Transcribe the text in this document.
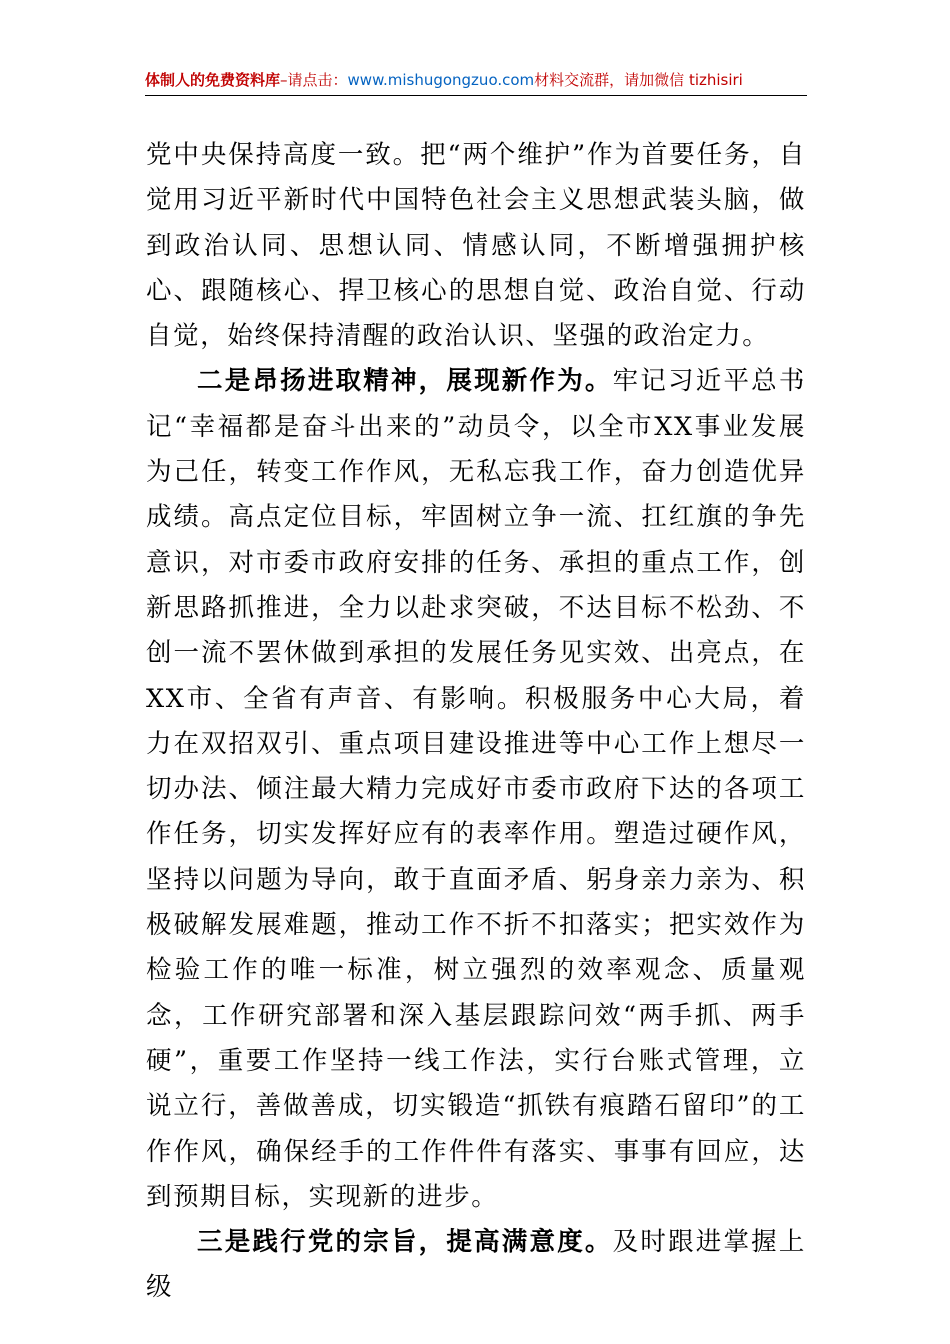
体制人的免费资料库 –请点击： www.mishugongzuo.com 材料交流群，请加微信 tizhisiri

党中央保持高度一致。把“两个维护”作为首要任务，自觉用习近平新时代中国特色社会主义思想武装头脑，做到政治认同、思想认同、情感认同，不断增强拥护核心、跟随核心、捍卫核心的思想自觉、政治自觉、行动自觉，始终保持清醒的政治认识、坚强的政治定力。

二是昂扬进取精神，展现新作为。牢记习近平总书记“幸福都是奋斗出来的”动员令，以全市XX事业发展为己任，转变工作作风，无私忘我工作，奋力创造优异成绩。高点定位目标，牢固树立争一流、扛红旗的争先意识，对市委市政府安排的任务、承担的重点工作，创新思路抓推进，全力以赴求突破，不达目标不松劲、不创一流不罢休做到承担的发展任务见实效、出亮点，在XX市、全省有声音、有影响。积极服务中心大局，着力在双招双引、重点项目建设推进等中心工作上想尽一切办法、倾注最大精力完成好市委市政府下达的各项工作任务，切实发挥好应有的表率作用。塑造过硬作风，坚持以问题为导向，敢于直面矛盾、躬身亲力亲为、积极破解发展难题，推动工作不折不扣落实；把实效作为检验工作的唯一标准，树立强烈的效率观念、质量观念，工作研究部署和深入基层跟踪问效“两手抓、两手硬”，重要工作坚持一线工作法，实行台账式管理，立说立行，善做善成，切实锻造“抓铁有痕踏石留印”的工作作风，确保经手的工作件件有落实、事事有回应，达到预期目标，实现新的进步。

三是践行党的宗旨，提高满意度。及时跟进掌握上级
